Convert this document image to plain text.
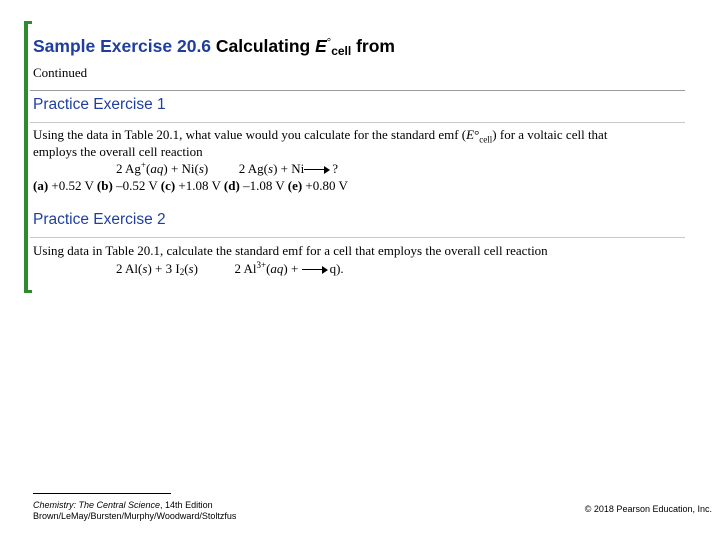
Sample Exercise 20.6 Calculating $E^\circ_{cell}$ from
Continued
Practice Exercise 1
Using the data in Table 20.1, what value would you calculate for the standard emf $(E^\circ_{cell})$ for a voltaic cell that
employs the overall cell reaction
2 Ag+(aq) + Ni(s) 2 Ag(s) + Ni ?
(a) +0.52 V (b) –0.52 V (c) +1.08 V (d) –1.08 V (e) +0.80 V
Practice Exercise 2
Using data in Table 20.1, calculate the standard emf for a cell that employs the overall cell reaction
2 Al(s) + 3 $I_2(s)$	2 $Al^{3+}(aq) + q$).
Chemistry: The Central Science, 14th Edition
Brown/LeMay/Bursten/Murphy/Woodward/Stoltzfus
© 2018 Pearson Education, Inc.
